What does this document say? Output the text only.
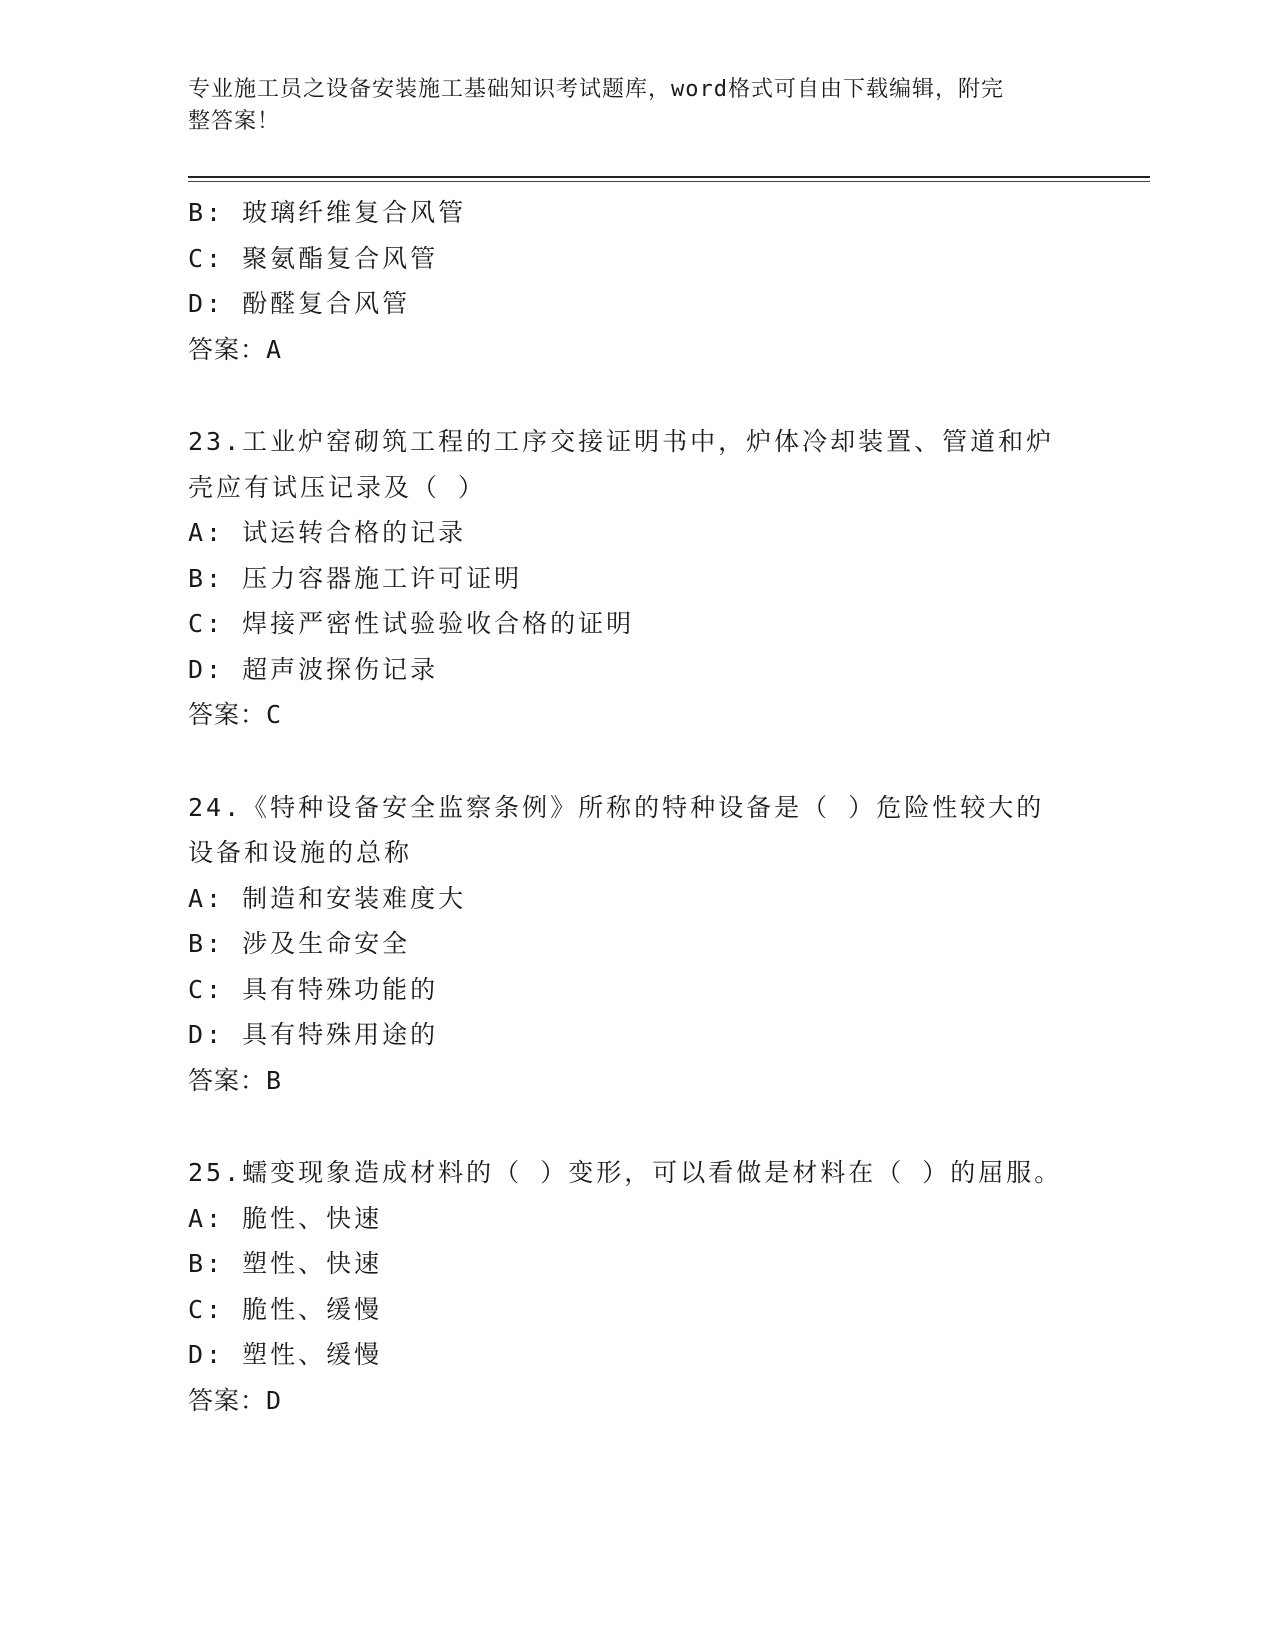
专业施工员之设备安装施工基础知识考试题库，word格式可自由下载编辑，附完
整答案！
B: 玻璃纤维复合风管
C: 聚氨酯复合风管
D: 酚醛复合风管
答案：A
23.工业炉窑砌筑工程的工序交接证明书中，炉体冷却装置、管道和炉
壳应有试压记录及（ ）
A: 试运转合格的记录
B: 压力容器施工许可证明
C: 焊接严密性试验验收合格的证明
D: 超声波探伤记录
答案：C
24.《特种设备安全监察条例》所称的特种设备是（ ）危险性较大的
设备和设施的总称
A: 制造和安装难度大
B: 涉及生命安全
C: 具有特殊功能的
D: 具有特殊用途的
答案：B
25.蠕变现象造成材料的（ ）变形，可以看做是材料在（ ）的屈服。
A: 脆性、快速
B: 塑性、快速
C: 脆性、缓慢
D: 塑性、缓慢
答案：D
